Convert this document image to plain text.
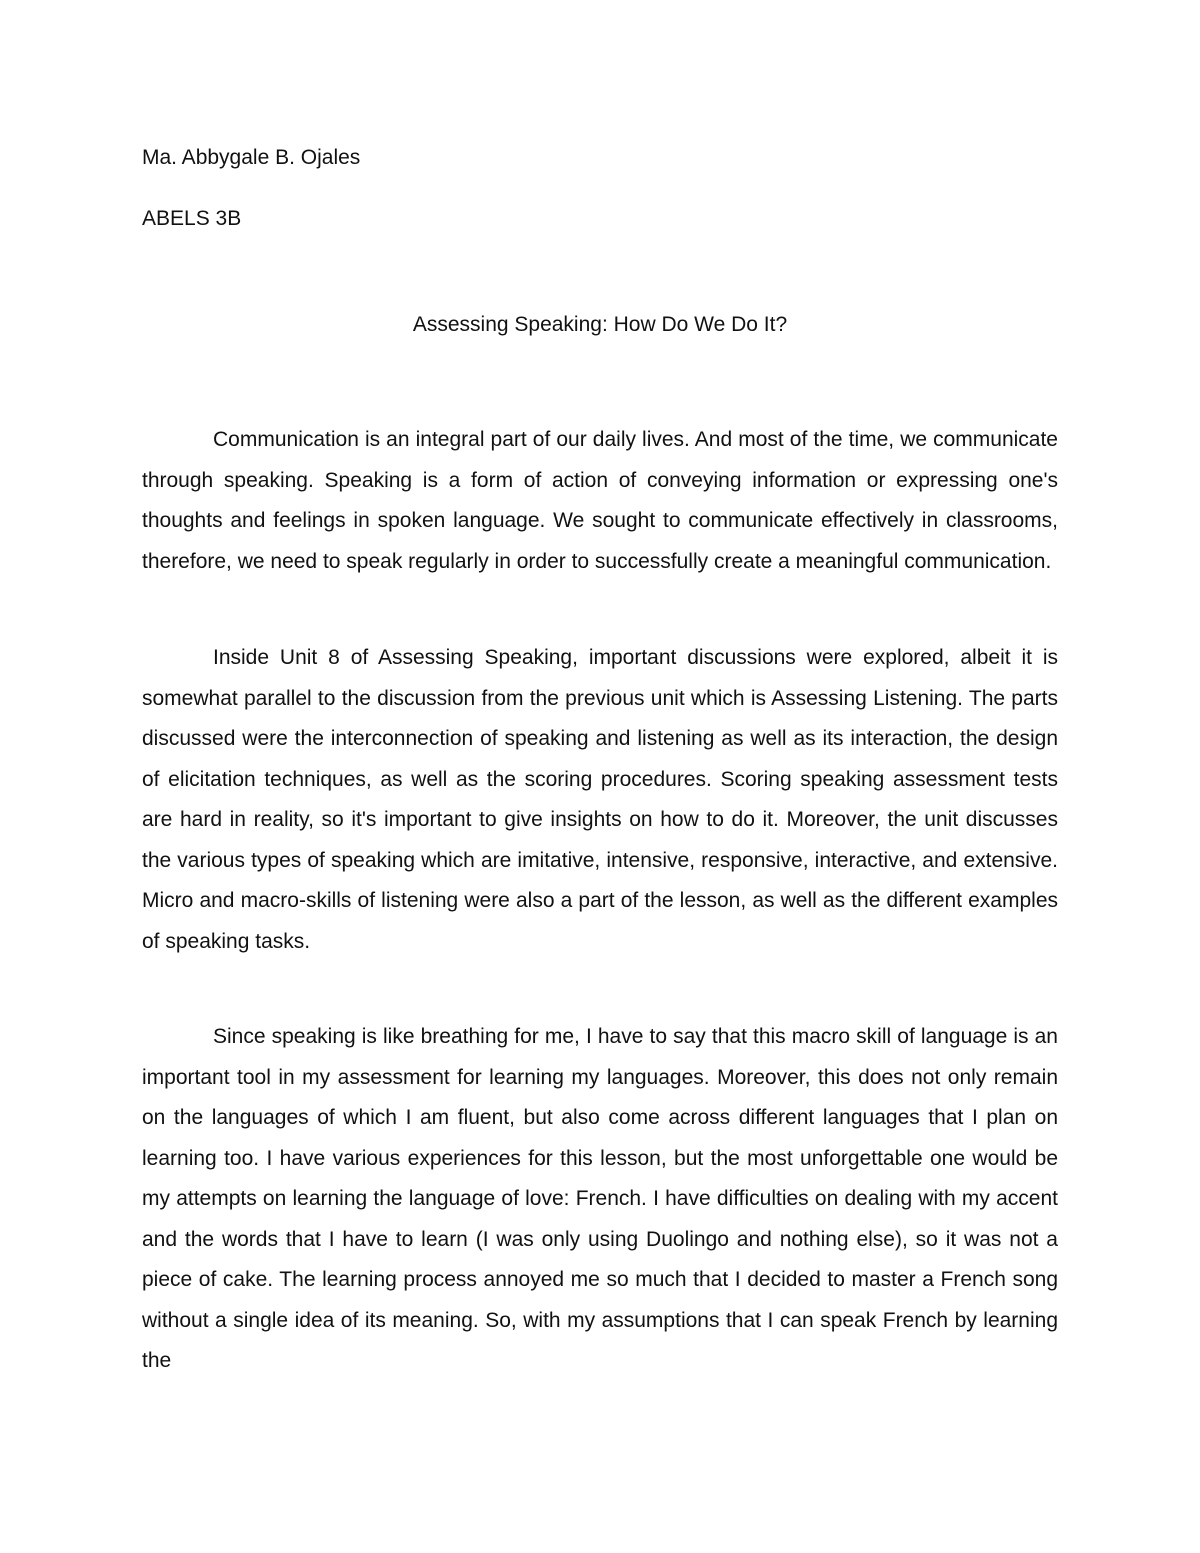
Ma. Abbygale B. Ojales
ABELS 3B
Assessing Speaking: How Do We Do It?

Communication is an integral part of our daily lives. And most of the time, we communicate through speaking. Speaking is a form of action of conveying information or expressing one's thoughts and feelings in spoken language. We sought to communicate effectively in classrooms, therefore, we need to speak regularly in order to successfully create a meaningful communication.

Inside Unit 8 of Assessing Speaking, important discussions were explored, albeit it is somewhat parallel to the discussion from the previous unit which is Assessing Listening. The parts discussed were the interconnection of speaking and listening as well as its interaction, the design of elicitation techniques, as well as the scoring procedures. Scoring speaking assessment tests are hard in reality, so it's important to give insights on how to do it. Moreover, the unit discusses the various types of speaking which are imitative, intensive, responsive, interactive, and extensive. Micro and macro-skills of listening were also a part of the lesson, as well as the different examples of speaking tasks.

Since speaking is like breathing for me, I have to say that this macro skill of language is an important tool in my assessment for learning my languages. Moreover, this does not only remain on the languages of which I am fluent, but also come across different languages that I plan on learning too. I have various experiences for this lesson, but the most unforgettable one would be my attempts on learning the language of love: French. I have difficulties on dealing with my accent and the words that I have to learn (I was only using Duolingo and nothing else), so it was not a piece of cake. The learning process annoyed me so much that I decided to master a French song without a single idea of its meaning. So, with my assumptions that I can speak French by learning the
